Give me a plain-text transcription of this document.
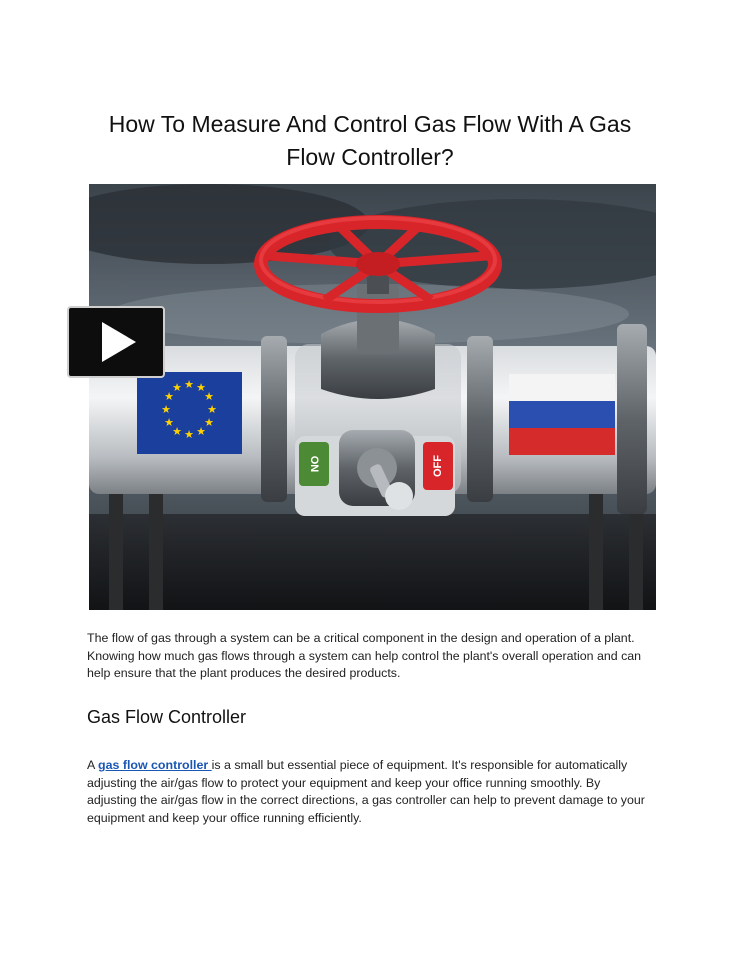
How To Measure And Control Gas Flow With A Gas
Flow Controller?
★ ★
★
★
★
★
★
★
★
★
★
★
ON	OFF
The flow of gas through a system can be a critical component in the design and operation of a plant. Knowing how much gas flows through a system can help control the plant's overall operation and can help ensure that the plant produces the desired products.
Gas Flow Controller
A gas flow controller is a small but essential piece of equipment. It's responsible for automatically adjusting the air/gas flow to protect your equipment and keep your office running smoothly. By adjusting the air/gas flow in the correct directions, a gas controller can help to prevent damage to your equipment and keep your office running efficiently.
